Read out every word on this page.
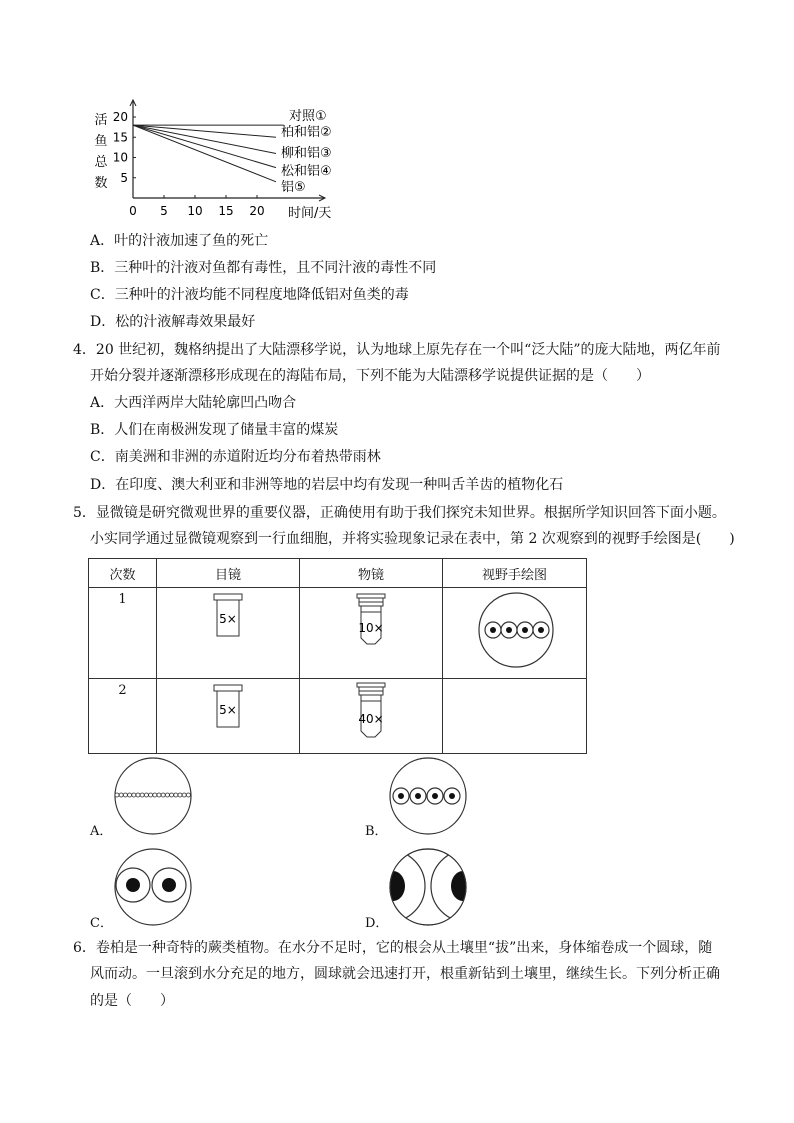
活
鱼
总
数
0 5 10 15 20
5
10
15
20	对照①
柏和铝②
柳和铝③
松和铝④
铝⑤
时间/天
A．叶的汁液加速了鱼的死亡
B．三种叶的汁液对鱼都有毒性，且不同汁液的毒性不同
C．三种叶的汁液均能不同程度地降低铝对鱼类的毒
D．松的汁液解毒效果最好
4．20 世纪初，魏格纳提出了大陆漂移学说，认为地球上原先存在一个叫“泛大陆”的庞大陆地，两亿年前
开始分裂并逐渐漂移形成现在的海陆布局，下列不能为大陆漂移学说提供证据的是（　　）
A．大西洋两岸大陆轮廓凹凸吻合
B．人们在南极洲发现了储量丰富的煤炭
C．南美洲和非洲的赤道附近均分布着热带雨林
D．在印度、澳大利亚和非洲等地的岩层中均有发现一种叫舌羊齿的植物化石
5．显微镜是研究微观世界的重要仪器，正确使用有助于我们探究未知世界。根据所学知识回答下面小题。
小实同学通过显微镜观察到一行血细胞，并将实验现象记录在表中，第 2 次观察到的视野手绘图是(　　)
次数	目镜	物镜	视野手绘图
1	5×	10×

2	5×	40×	

A．	B．
C．	D．
6．卷柏是一种奇特的蕨类植物。在水分不足时，它的根会从土壤里“拔”出来，身体缩卷成一个圆球，随
风而动。一旦滚到水分充足的地方，圆球就会迅速打开，根重新钻到土壤里，继续生长。下列分析正确
的是（　　）
